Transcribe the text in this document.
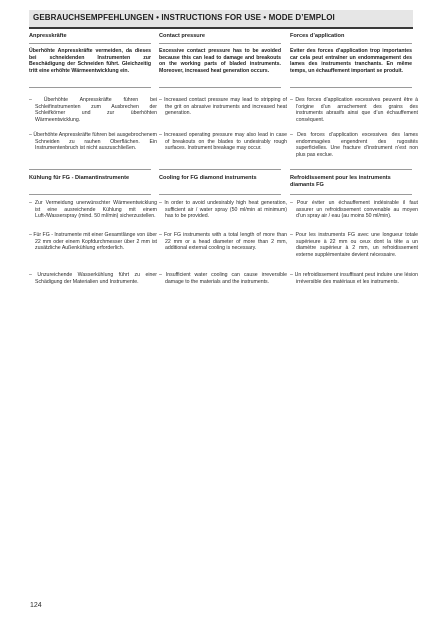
GEBRAUCHSEMPFEHLUNGEN • INSTRUCTIONS FOR USE • MODE D’EMPLOI
Anpresskräfte
Überhöhte Anpresskräfte vermeiden, da dieses bei schneidenden Instrumenten zur Beschädigung der Schneiden führt. Gleichzeitig tritt eine erhöhte Wärmeentwicklung ein.
– Überhöhte Anpresskräfte führen bei Schleifinstrumenten zum Ausbrechen der Schleifkörner und zur überhöhten Wärmeentwicklung.
– Überhöhte Anpresskräfte führen bei ausgebrochenem Schneiden zu rauhen Oberflächen. Ein Instrumentenbruch ist nicht auszuschließen.
Kühlung für FG - Diamantinstrumente
– Zur Vermeidung unerwünschter Wärmeentwicklung ist eine ausreichende Kühlung mit einem Luft-/Wasserspray (mind. 50 ml/min) sicherzustellen.
– Für FG - Instrumente mit einer Gesamtlänge von über 22 mm oder einem Kopfdurchmesser über 2 mm ist zusätzliche Außenkühlung erforderlich.
– Unzureichende Wasserkühlung führt zu einer Schädigung der Materialien und Instrumente.
Contact pressure
Excessive contact pressure has to be avoided because this can lead to damage and breakouts on the working parts of bladed instruments. Moreover, increased heat generation occurs.
– Increased contact pressure may lead to stripping of the grit on abrasive instruments and increased heat generation.
– Increased operating pressure may also lead in case of breakouts on the blades to undesirably rough surfaces. Instrument breakage may occur.
Cooling for FG diamond instruments
– In order to avoid undesirably high heat generation, sufficient air / water spray (50 ml/min at minimum) has to be provided.
– For FG instruments with a total length of more than 22 mm or a head diameter of more than 2 mm, additional external cooling is necessary.
– Insufficient water cooling can cause irreversible damage to the materials and the instruments.
Forces d’application
Eviter des forces d’application trop importantes car cela peut entraîner un endommagement des lames des instruments tranchants. En même temps, un échauffement important se produit.
– Des forces d’application excessives peuvent être à l’origine d’un arrachement des grains des instruments abrasifs ainsi que d’un échauffement conséquent.
– Des forces d’application excessives des lames endommagées engendrent des rugosités superficielles. Une fracture d’instrument n’est non plus pas exclue.
Refroidissement pour les instruments diamants FG
– Pour éviter un échauffement indésirable il faut assurer un refroidissement convenable au moyen d’un spray air / eau (au moins 50 ml/min).
– Pour les instruments FG avec une longueur totale supérieure à 22 mm ou ceux dont la tête a un diamètre supérieur à 2 mm, un refroidissement externe supplémentaire devient nécessaire.
– Un refroidissement insuffisant peut induire une lésion irréversible des matériaux et les instruments.
124
